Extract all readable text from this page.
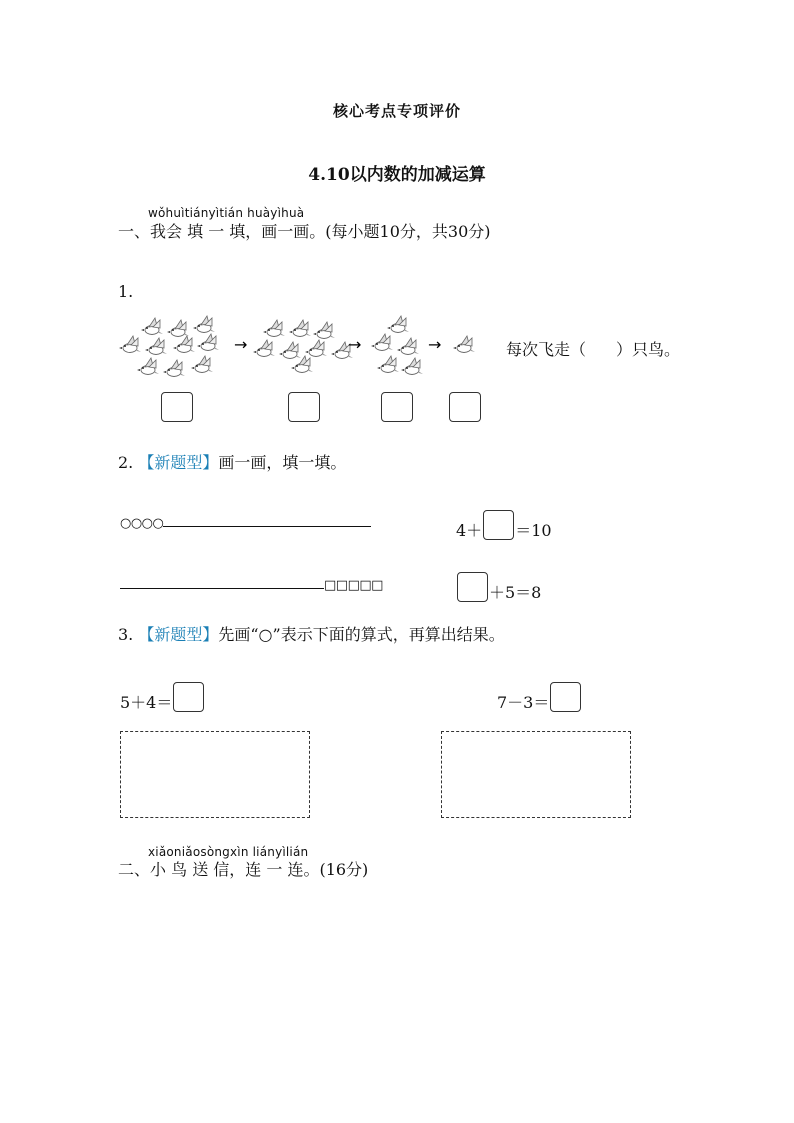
核心考点专项评价
4.10以内数的加减运算
wǒhuìtiányìtián huàyìhuà
一、我会 填 一 填，画一画。(每小题10分，共30分)
1.
→	→	→	每次飞走（ ）只鸟。
2. 【新题型】画一画，填一填。
○○○○	4＋ ＝10
□□□□□	＋5＝8
3. 【新题型】先画“○”表示下面的算式，再算出结果。
5＋4＝	7－3＝
xiǎoniǎosòngxìn liányìlián
二、小 鸟 送 信，连 一 连。(16分)
